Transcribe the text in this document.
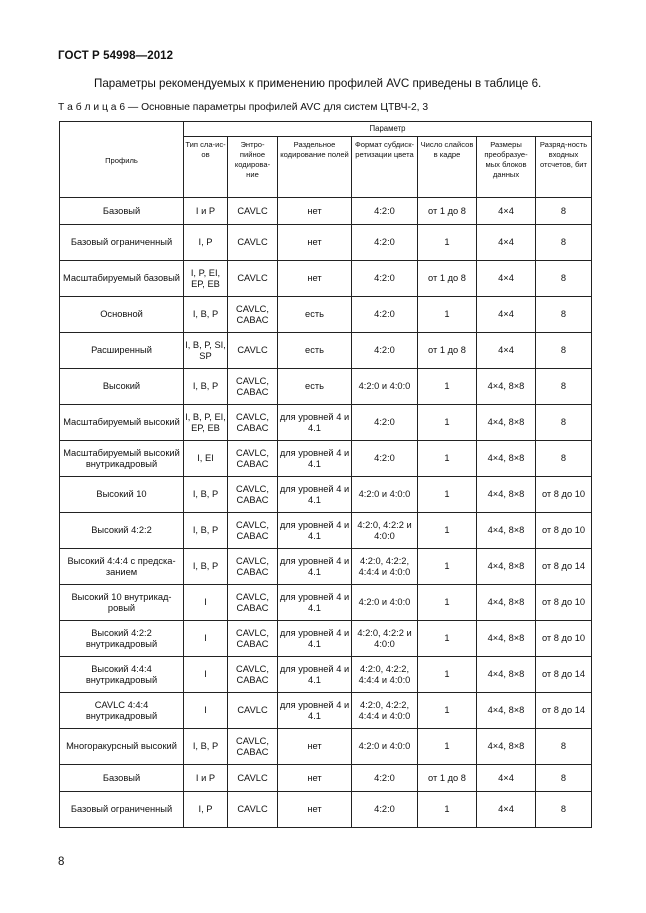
ГОСТ Р 54998—2012
Параметры рекомендуемых к применению профилей AVC приведены в таблице 6.
Т а б л и ц а 6 — Основные параметры профилей AVC для систем ЦТВЧ-2, 3
Профиль	Параметр						
	Тип сла-ис-ов	Энтро-пийное кодирова-ние	Раздельное кодирование полей	Формат субдиск-ретизации цвета	Число слайсов в кадре	Размеры преобразуе-мых блоков данных	Разряд-ность входных отсчетов, бит
Базовый	I и P	CAVLC	нет	4:2:0	от 1 до 8	4×4	8
Базовый ограниченный	I, P	CAVLC	нет	4:2:0	1	4×4	8
Масштабируемый базовый	I, P, EI, EP, EB	CAVLC	нет	4:2:0	от 1 до 8	4×4	8
Основной	I, B, P	CAVLC, CABAC	есть	4:2:0	1	4×4	8
Расширенный	I, B, P, SI, SP	CAVLC	есть	4:2:0	от 1 до 8	4×4	8
Высокий	I, B, P	CAVLC, CABAC	есть	4:2:0 и 4:0:0	1	4×4, 8×8	8
Масштабируемый высокий	I, B, P, EI, EP, EB	CAVLC, CABAC	для уровней 4 и 4.1	4:2:0	1	4×4, 8×8	8
Масштабируемый высокий внутрикадровый	I, EI	CAVLC, CABAC	для уровней 4 и 4.1	4:2:0	1	4×4, 8×8	8
Высокий 10	I, B, P	CAVLC, CABAC	для уровней 4 и 4.1	4:2:0 и 4:0:0	1	4×4, 8×8	от 8 до 10
Высокий 4:2:2	I, B, P	CAVLC, CABAC	для уровней 4 и 4.1	4:2:0, 4:2:2 и 4:0:0	1	4×4, 8×8	от 8 до 10
Высокий 4:4:4 с предска-занием	I, B, P	CAVLC, CABAC	для уровней 4 и 4.1	4:2:0, 4:2:2, 4:4:4 и 4:0:0	1	4×4, 8×8	от 8 до 14
Высокий 10 внутрикад-ровый	I	CAVLC, CABAC	для уровней 4 и 4.1	4:2:0 и 4:0:0	1	4×4, 8×8	от 8 до 10
Высокий 4:2:2 внутрикадровый	I	CAVLC, CABAC	для уровней 4 и 4.1	4:2:0, 4:2:2 и 4:0:0	1	4×4, 8×8	от 8 до 10
Высокий 4:4:4 внутрикадровый	I	CAVLC, CABAC	для уровней 4 и 4.1	4:2:0, 4:2:2, 4:4:4 и 4:0:0	1	4×4, 8×8	от 8 до 14
CAVLC 4:4:4 внутрикадровый	I	CAVLC	для уровней 4 и 4.1	4:2:0, 4:2:2, 4:4:4 и 4:0:0	1	4×4, 8×8	от 8 до 14
Многоракурсный высокий	I, B, P	CAVLC, CABAC	нет	4:2:0 и 4:0:0	1	4×4, 8×8	8
Базовый	I и P	CAVLC	нет	4:2:0	от 1 до 8	4×4	8
Базовый ограниченный	I, P	CAVLC	нет	4:2:0	1	4×4	8
8
